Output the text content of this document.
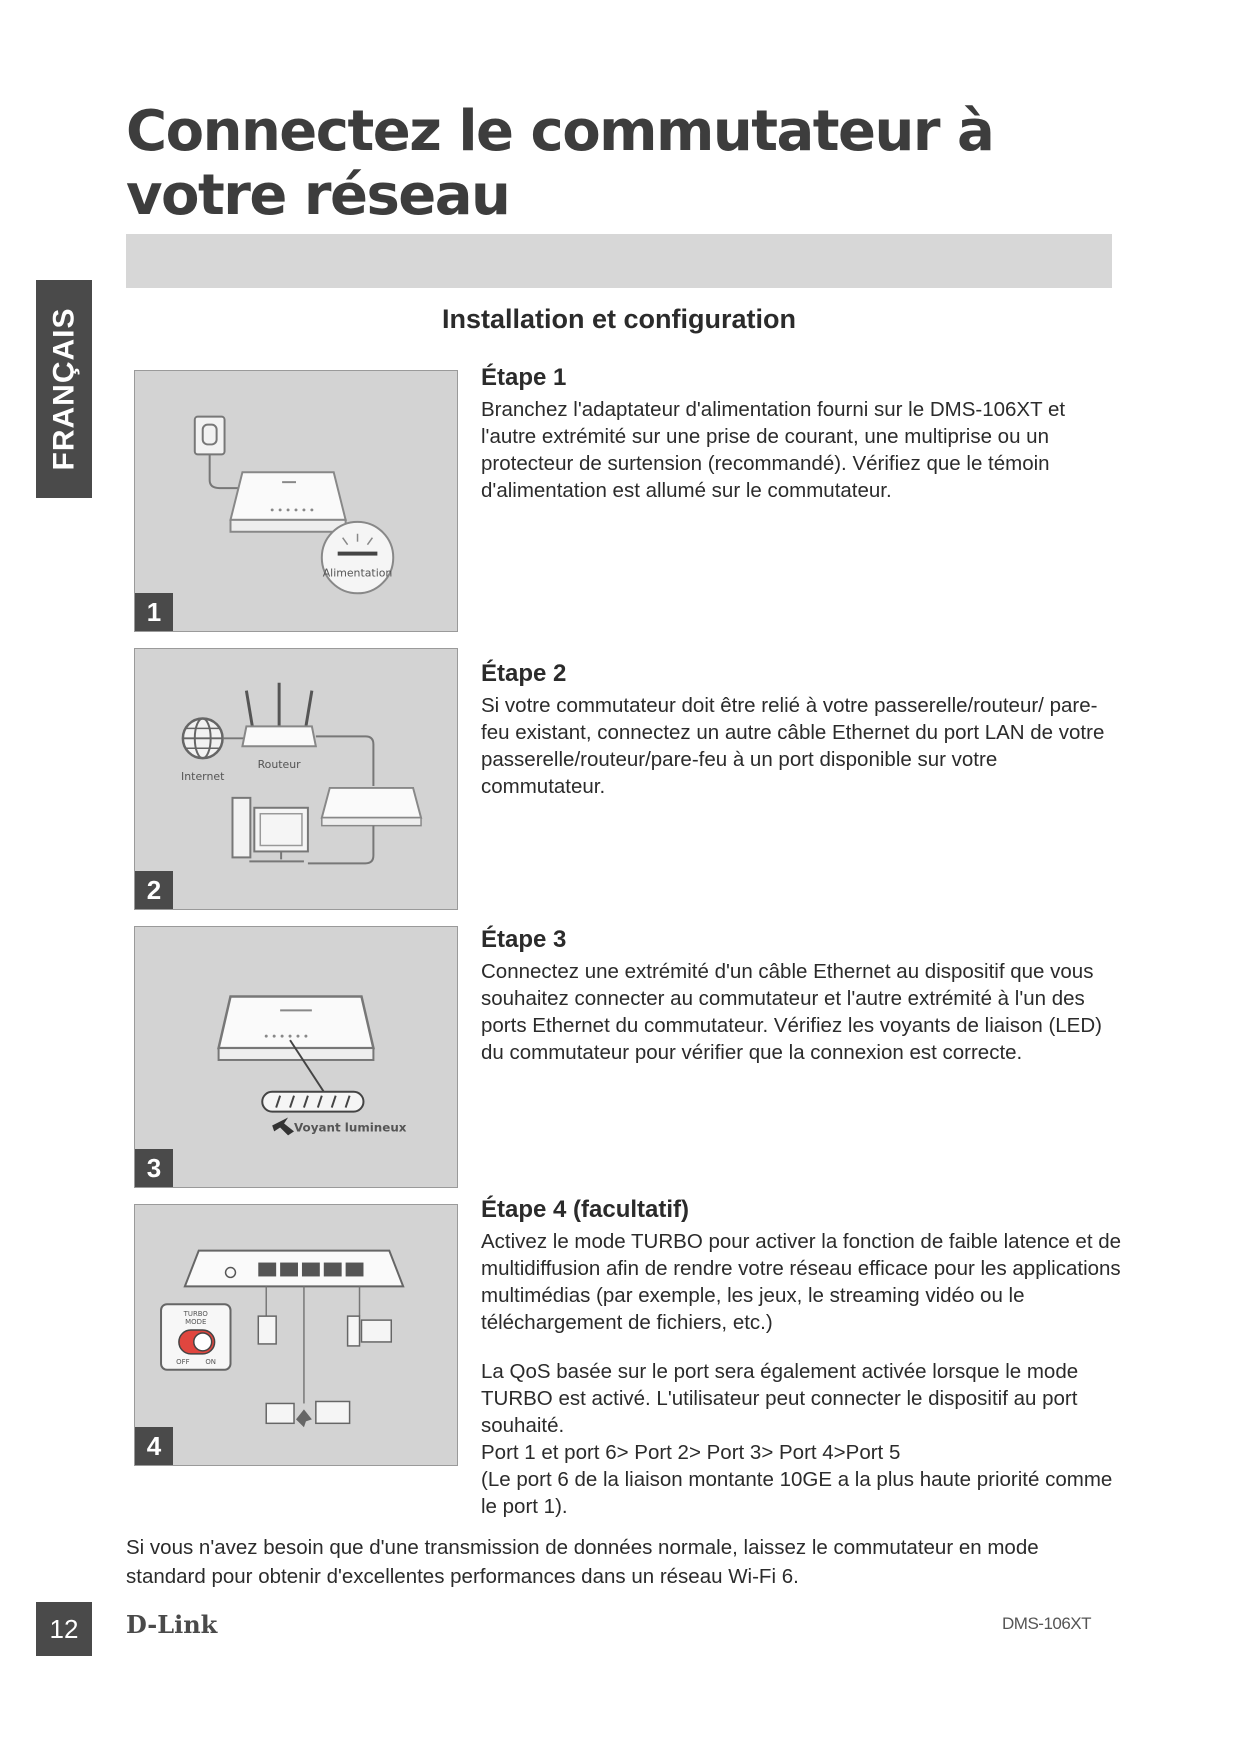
Connectez le commutateur à votre réseau
FRANÇAIS	Installation et configuration
Alimentation
1
Étape 1

Branchez l'adaptateur d'alimentation fourni sur le DMS-106XT et l'autre extrémité sur une prise de courant, une multiprise ou un protecteur de surtension (recommandé). Vérifiez que le témoin d'alimentation est allumé sur le commutateur.

Internet
Routeur
2
Étape 2

Si votre commutateur doit être relié à votre passerelle/routeur/ pare-feu existant, connectez un autre câble Ethernet du port LAN de votre passerelle/routeur/pare-feu à un port disponible sur votre commutateur.

Voyant lumineux
3
Étape 3

Connectez une extrémité d'un câble Ethernet au dispositif que vous souhaitez connecter au commutateur et l'autre extrémité à l'un des ports Ethernet du commutateur. Vérifiez les voyants de liaison (LED) du commutateur pour vérifier que la connexion est correcte.

TURBO
MODE
OFF ON
4
Étape 4 (facultatif)

Activez le mode TURBO pour activer la fonction de faible latence et de multidiffusion afin de rendre votre réseau efficace pour les applications multimédias (par exemple, les jeux, le streaming vidéo ou le téléchargement de fichiers, etc.)

La QoS basée sur le port sera également activée lorsque le mode TURBO est activé. L'utilisateur peut connecter le dispositif au port souhaité.

Port 1 et port 6> Port 2> Port 3> Port 4>Port 5

(Le port 6 de la liaison montante 10GE a la plus haute priorité comme le port 1).

Si vous n'avez besoin que d'une transmission de données normale, laissez le commutateur en mode standard pour obtenir d'excellentes performances dans un réseau Wi-Fi 6.
12	D-Link	DMS-106XT
